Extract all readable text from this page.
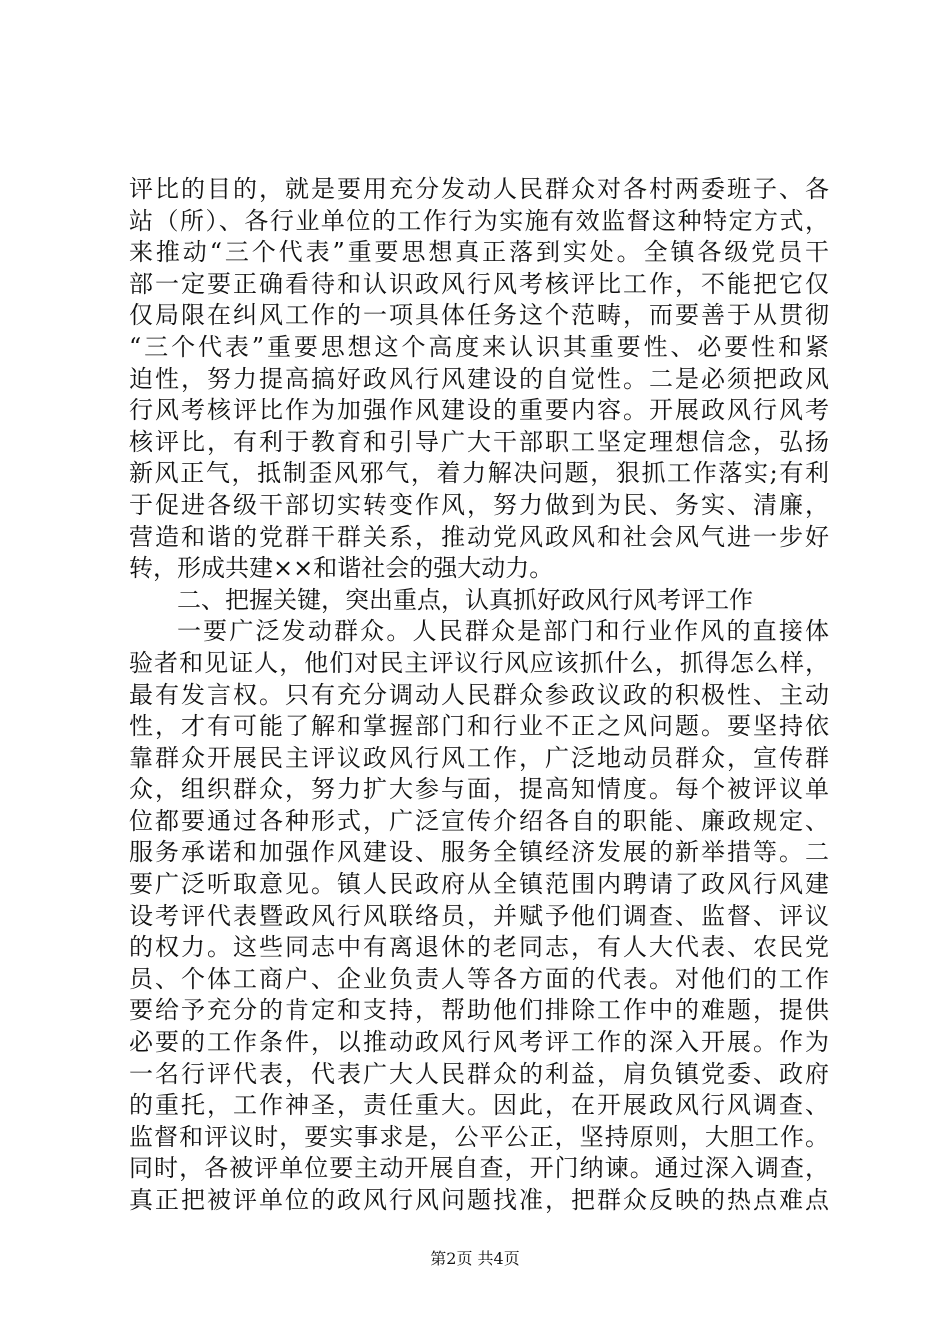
评比的目的，就是要用充分发动人民群众对各村两委班子、各
站（所）、各行业单位的工作行为实施有效监督这种特定方式，
来推动“三个代表”重要思想真正落到实处。全镇各级党员干
部一定要正确看待和认识政风行风考核评比工作，不能把它仅
仅局限在纠风工作的一项具体任务这个范畴，而要善于从贯彻
“三个代表”重要思想这个高度来认识其重要性、必要性和紧
迫性，努力提高搞好政风行风建设的自觉性。二是必须把政风
行风考核评比作为加强作风建设的重要内容。开展政风行风考
核评比，有利于教育和引导广大干部职工坚定理想信念，弘扬
新风正气，抵制歪风邪气，着力解决问题，狠抓工作落实;有利
于促进各级干部切实转变作风，努力做到为民、务实、清廉，
营造和谐的党群干群关系，推动党风政风和社会风气进一步好
转，形成共建××和谐社会的强大动力。
二、把握关键，突出重点，认真抓好政风行风考评工作
一要广泛发动群众。人民群众是部门和行业作风的直接体
验者和见证人，他们对民主评议行风应该抓什么，抓得怎么样，
最有发言权。只有充分调动人民群众参政议政的积极性、主动
性，才有可能了解和掌握部门和行业不正之风问题。要坚持依
靠群众开展民主评议政风行风工作，广泛地动员群众，宣传群
众，组织群众，努力扩大参与面，提高知情度。每个被评议单
位都要通过各种形式，广泛宣传介绍各自的职能、廉政规定、
服务承诺和加强作风建设、服务全镇经济发展的新举措等。二
要广泛听取意见。镇人民政府从全镇范围内聘请了政风行风建
设考评代表暨政风行风联络员，并赋予他们调查、监督、评议
的权力。这些同志中有离退休的老同志，有人大代表、农民党
员、个体工商户、企业负责人等各方面的代表。对他们的工作
要给予充分的肯定和支持，帮助他们排除工作中的难题，提供
必要的工作条件，以推动政风行风考评工作的深入开展。作为
一名行评代表，代表广大人民群众的利益，肩负镇党委、政府
的重托，工作神圣，责任重大。因此，在开展政风行风调查、
监督和评议时，要实事求是，公平公正，坚持原则，大胆工作。
同时，各被评单位要主动开展自查，开门纳谏。通过深入调查，
真正把被评单位的政风行风问题找准，把群众反映的热点难点
第2页 共4页
